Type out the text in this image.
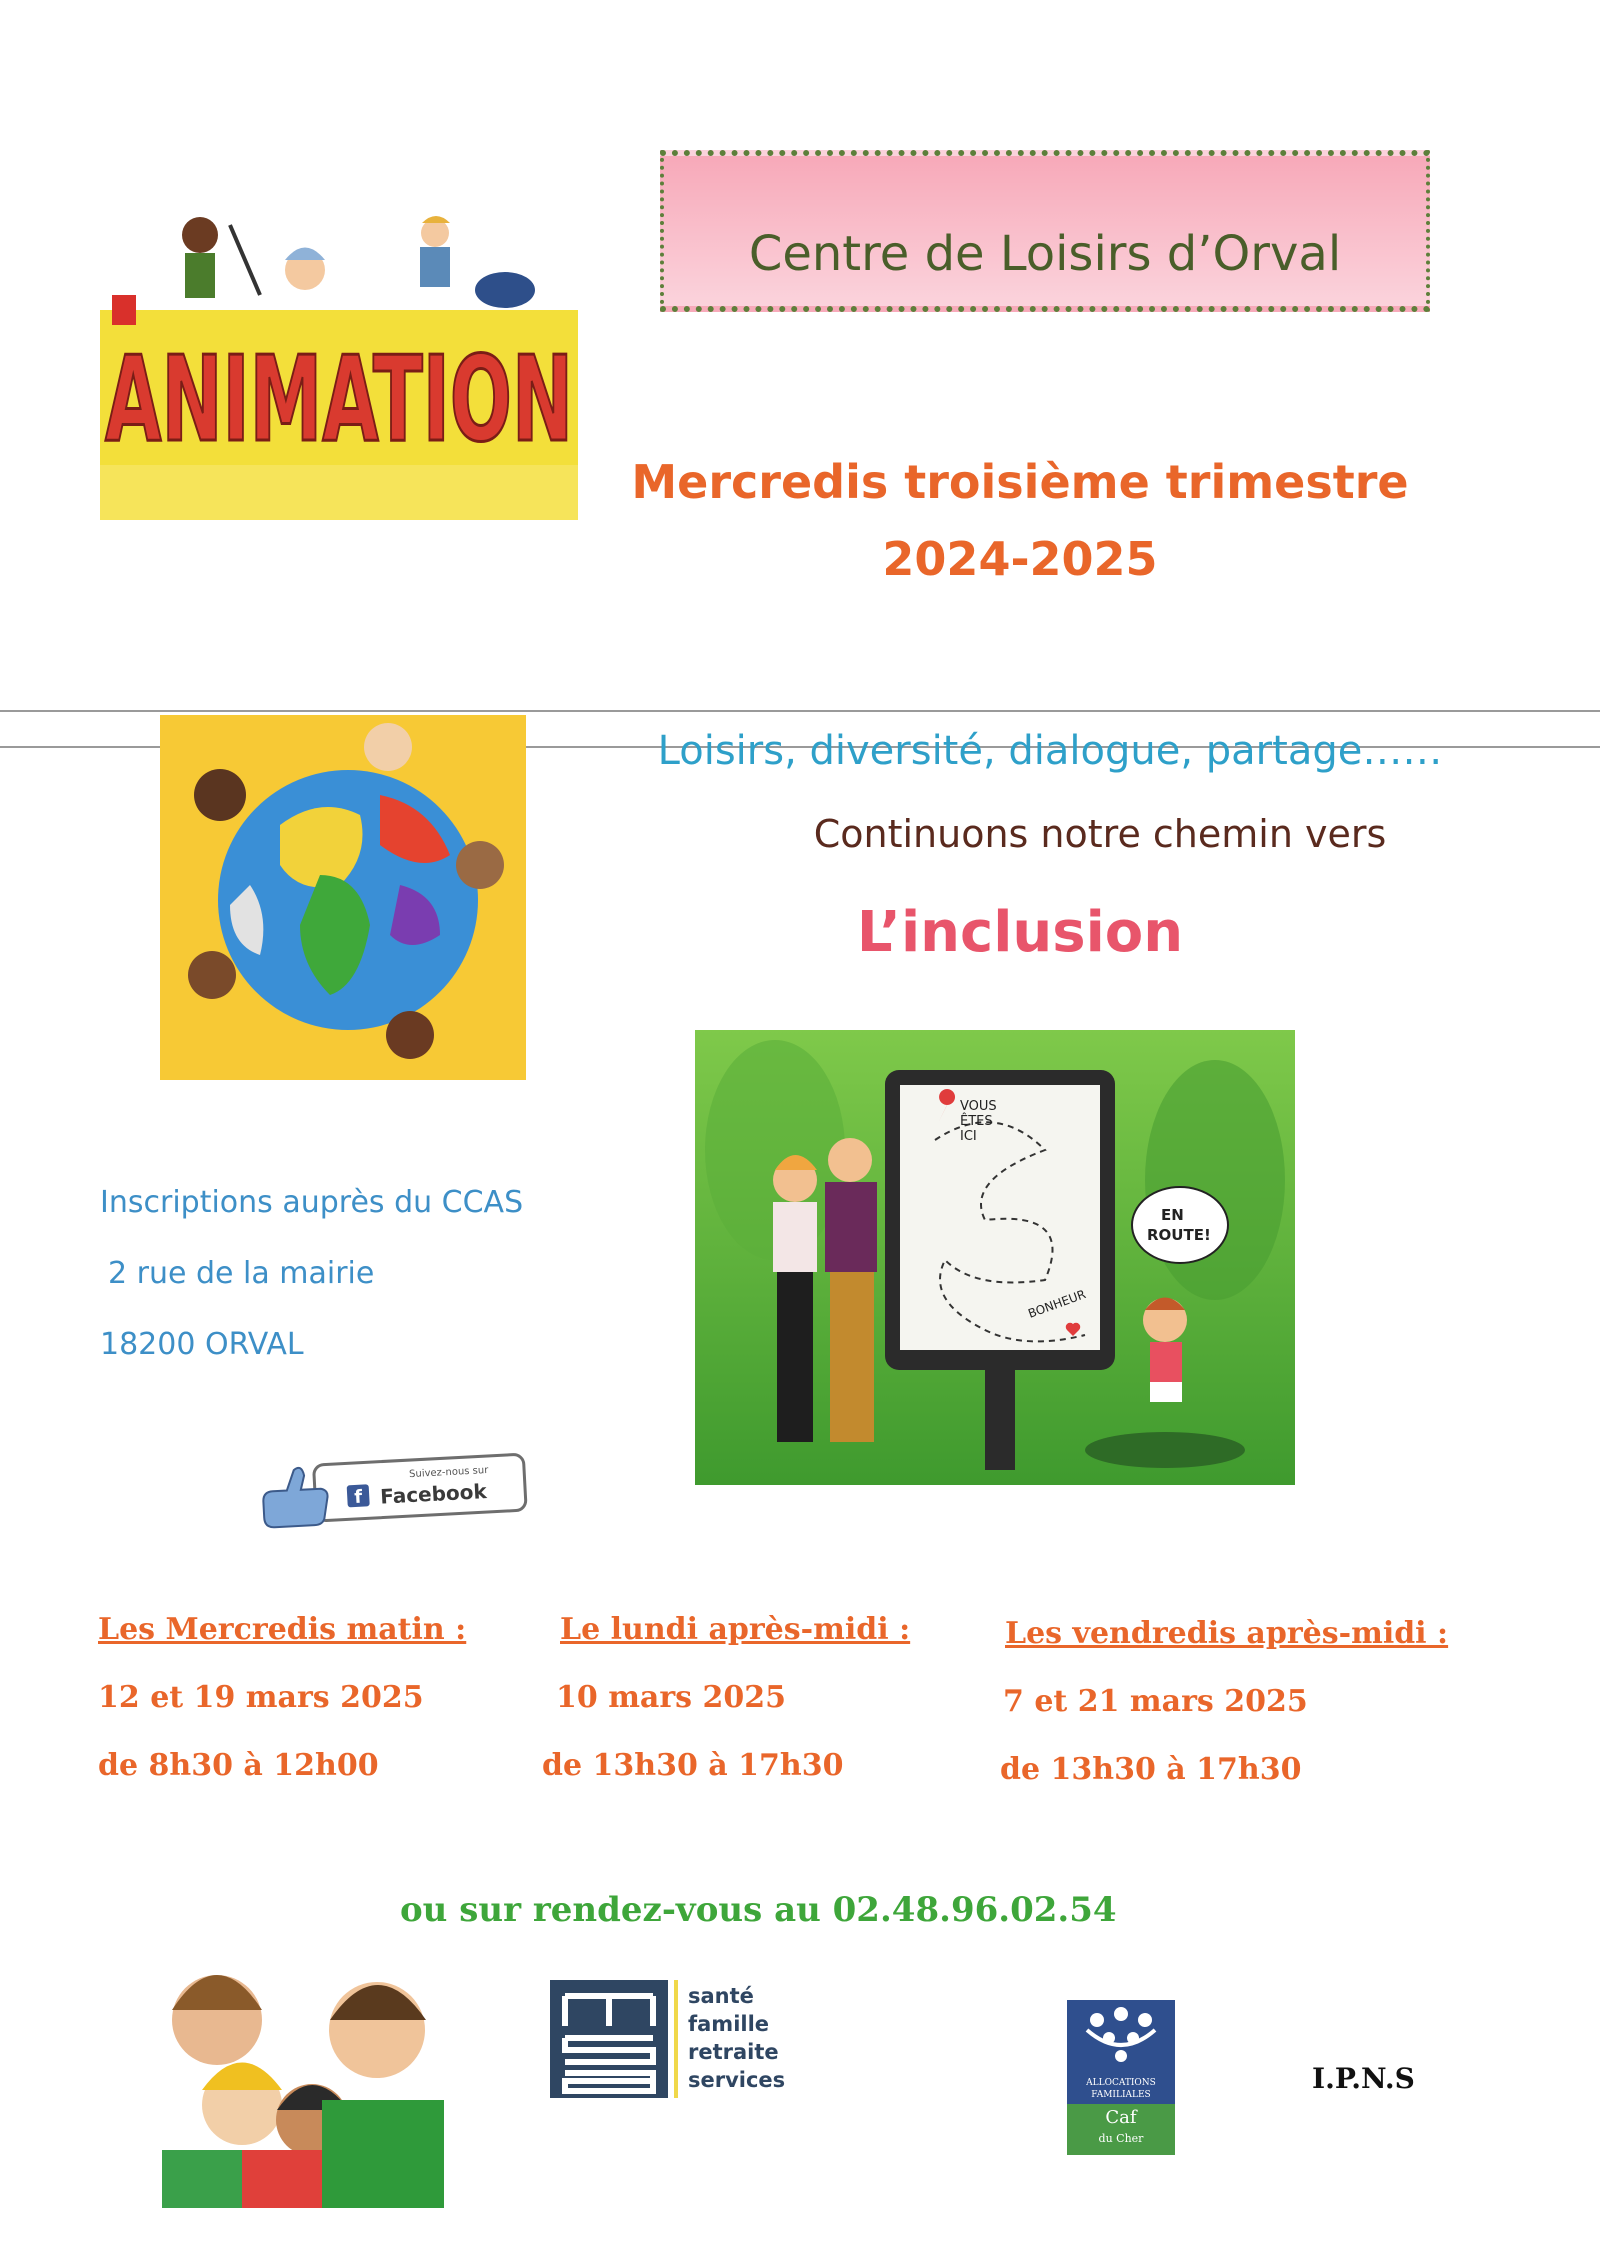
ANIMATION
Centre de Loisirs d’Orval
Mercredis troisième trimestre
2024-2025
Loisirs, diversité, dialogue, partage……
Continuons notre chemin vers
L’inclusion
VOUS
ÊTES
ICI
BONHEUR
EN
ROUTE!
Inscriptions auprès du CCAS
2 rue de la mairie
18200 ORVAL
f
Suivez-nous sur
Facebook
Les Mercredis matin :
12 et 19 mars 2025
de 8h30 à 12h00
Le lundi après-midi :
10 mars 2025
de 13h30 à 17h30
Les vendredis après-midi :
7 et 21 mars 2025
de 13h30 à 17h30
ou sur rendez-vous au 02.48.96.02.54
santé
famille
retraite
services	ALLOCATIONS
FAMILIALES
Caf
du Cher
I.P.N.S
